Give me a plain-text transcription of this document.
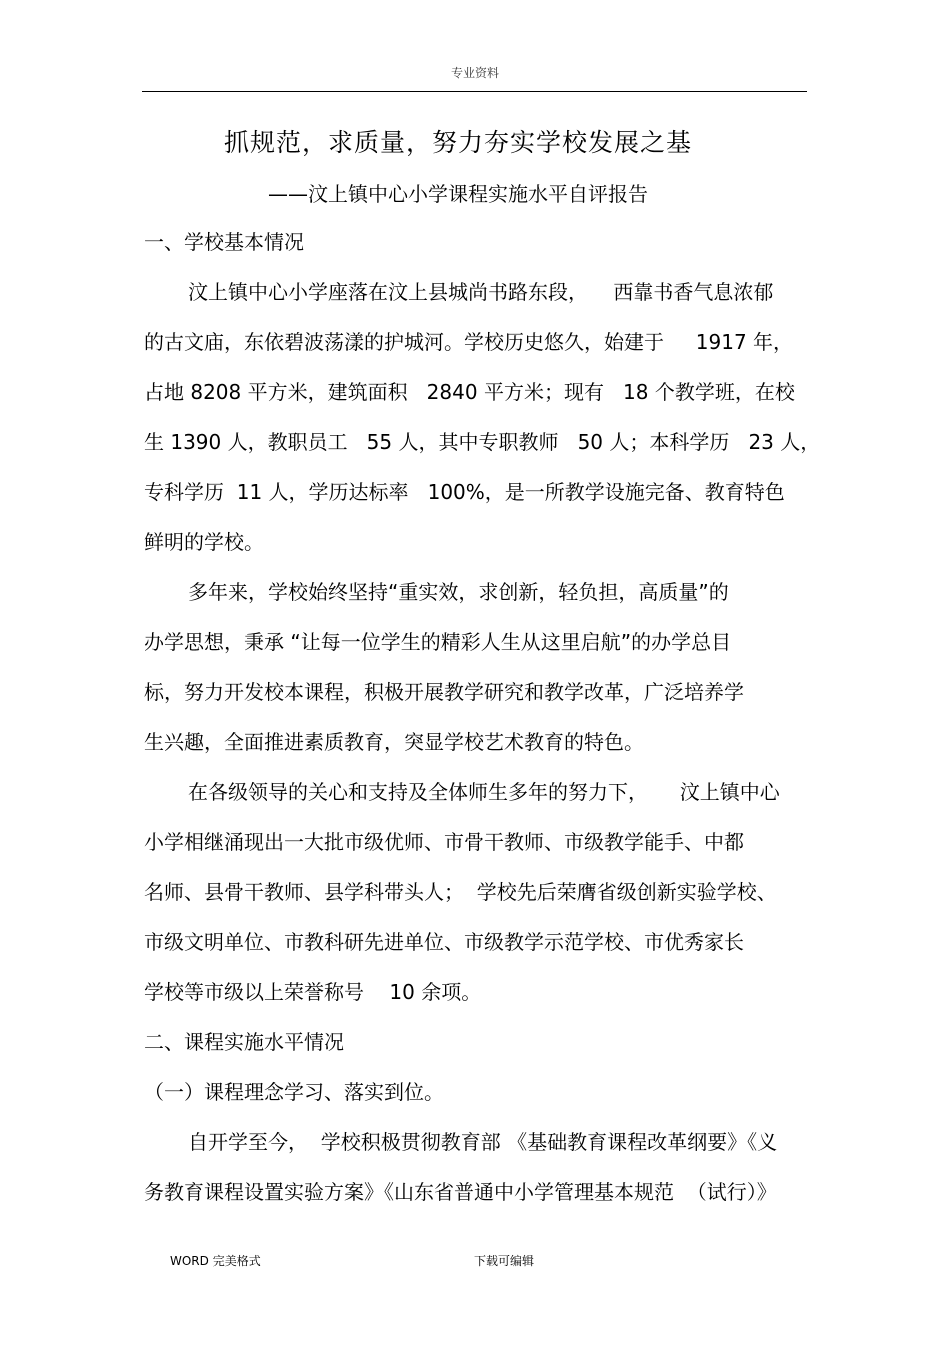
专业资料
抓规范，求质量，努力夯实学校发展之基
——汶上镇中心小学课程实施水平自评报告
一、学校基本情况
汶上镇中心小学座落在汶上县城尚书路东段，    西靠书香气息浓郁
的古文庙，东依碧波荡漾的护城河。学校历史悠久，始建于     1917 年，
占地 8208 平方米，建筑面积   2840 平方米；现有   18 个教学班，在校
生 1390 人，教职员工   55 人，其中专职教师   50 人；本科学历   23 人，
专科学历  11 人，学历达标率   100%，是一所教学设施完备、教育特色
鲜明的学校。
多年来，学校始终坚持“重实效，求创新，轻负担，高质量”的
办学思想，秉承 “让每一位学生的精彩人生从这里启航”的办学总目
标，努力开发校本课程，积极开展教学研究和教学改革，广泛培养学
生兴趣，全面推进素质教育，突显学校艺术教育的特色。
在各级领导的关心和支持及全体师生多年的努力下，     汶上镇中心
小学相继涌现出一大批市级优师、市骨干教师、市级教学能手、中都
名师、县骨干教师、县学科带头人；  学校先后荣膺省级创新实验学校、
市级文明单位、市教科研先进单位、市级教学示范学校、市优秀家长
学校等市级以上荣誉称号    10 余项。
二、课程实施水平情况
（一）课程理念学习、落实到位。
自开学至今，  学校积极贯彻教育部 《基础教育课程改革纲要》《义
务教育课程设置实验方案》《山东省普通中小学管理基本规范  （试行）》
WORD 完美格式	下载可编辑
